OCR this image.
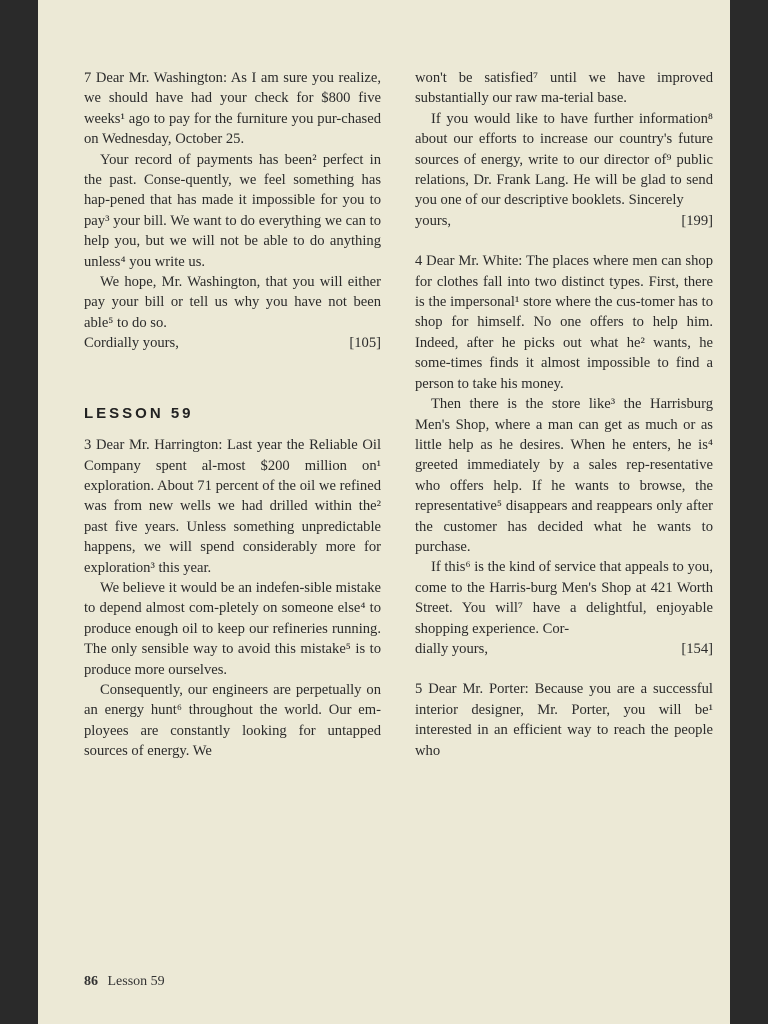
7 Dear Mr. Washington: As I am sure you realize, we should have had your check for $800 five weeks¹ ago to pay for the furniture you pur-chased on Wednesday, October 25.

Your record of payments has been² perfect in the past. Conse-quently, we feel something has hap-pened that has made it impossible for you to pay³ your bill. We want to do everything we can to help you, but we will not be able to do anything unless⁴ you write us.

We hope, Mr. Washington, that you will either pay your bill or tell us why you have not been able⁵ to do so.

Cordially yours,	[105]
LESSON 59

3 Dear Mr. Harrington: Last year the Reliable Oil Company spent al-most $200 million on¹ exploration. About 71 percent of the oil we refined was from new wells we had drilled within the² past five years. Unless something unpredictable happens, we will spend considerably more for exploration³ this year.

We believe it would be an indefen-sible mistake to depend almost com-pletely on someone else⁴ to produce enough oil to keep our refineries running. The only sensible way to avoid this mistake⁵ is to produce more ourselves.

Consequently, our engineers are perpetually on an energy hunt⁶ throughout the world. Our em-ployees are constantly looking for untapped sources of energy. We

won't be satisfied⁷ until we have improved substantially our raw ma-terial base.

If you would like to have further information⁸ about our efforts to increase our country's future sources of energy, write to our director of⁹ public relations, Dr. Frank Lang. He will be glad to send you one of our descriptive booklets. Sincerely

yours,	[199]

4 Dear Mr. White: The places where men can shop for clothes fall into two distinct types. First, there is the impersonal¹ store where the cus-tomer has to shop for himself. No one offers to help him. Indeed, after he picks out what he² wants, he some-times finds it almost impossible to find a person to take his money.

Then there is the store like³ the Harrisburg Men's Shop, where a man can get as much or as little help as he desires. When he enters, he is⁴ greeted immediately by a sales rep-resentative who offers help. If he wants to browse, the representative⁵ disappears and reappears only after the customer has decided what he wants to purchase.

If this⁶ is the kind of service that appeals to you, come to the Harris-burg Men's Shop at 421 Worth Street. You will⁷ have a delightful, enjoyable shopping experience. Cor-

dially yours,	[154]

5 Dear Mr. Porter: Because you are a successful interior designer, Mr. Porter, you will be¹ interested in an efficient way to reach the people who

86 Lesson 59
